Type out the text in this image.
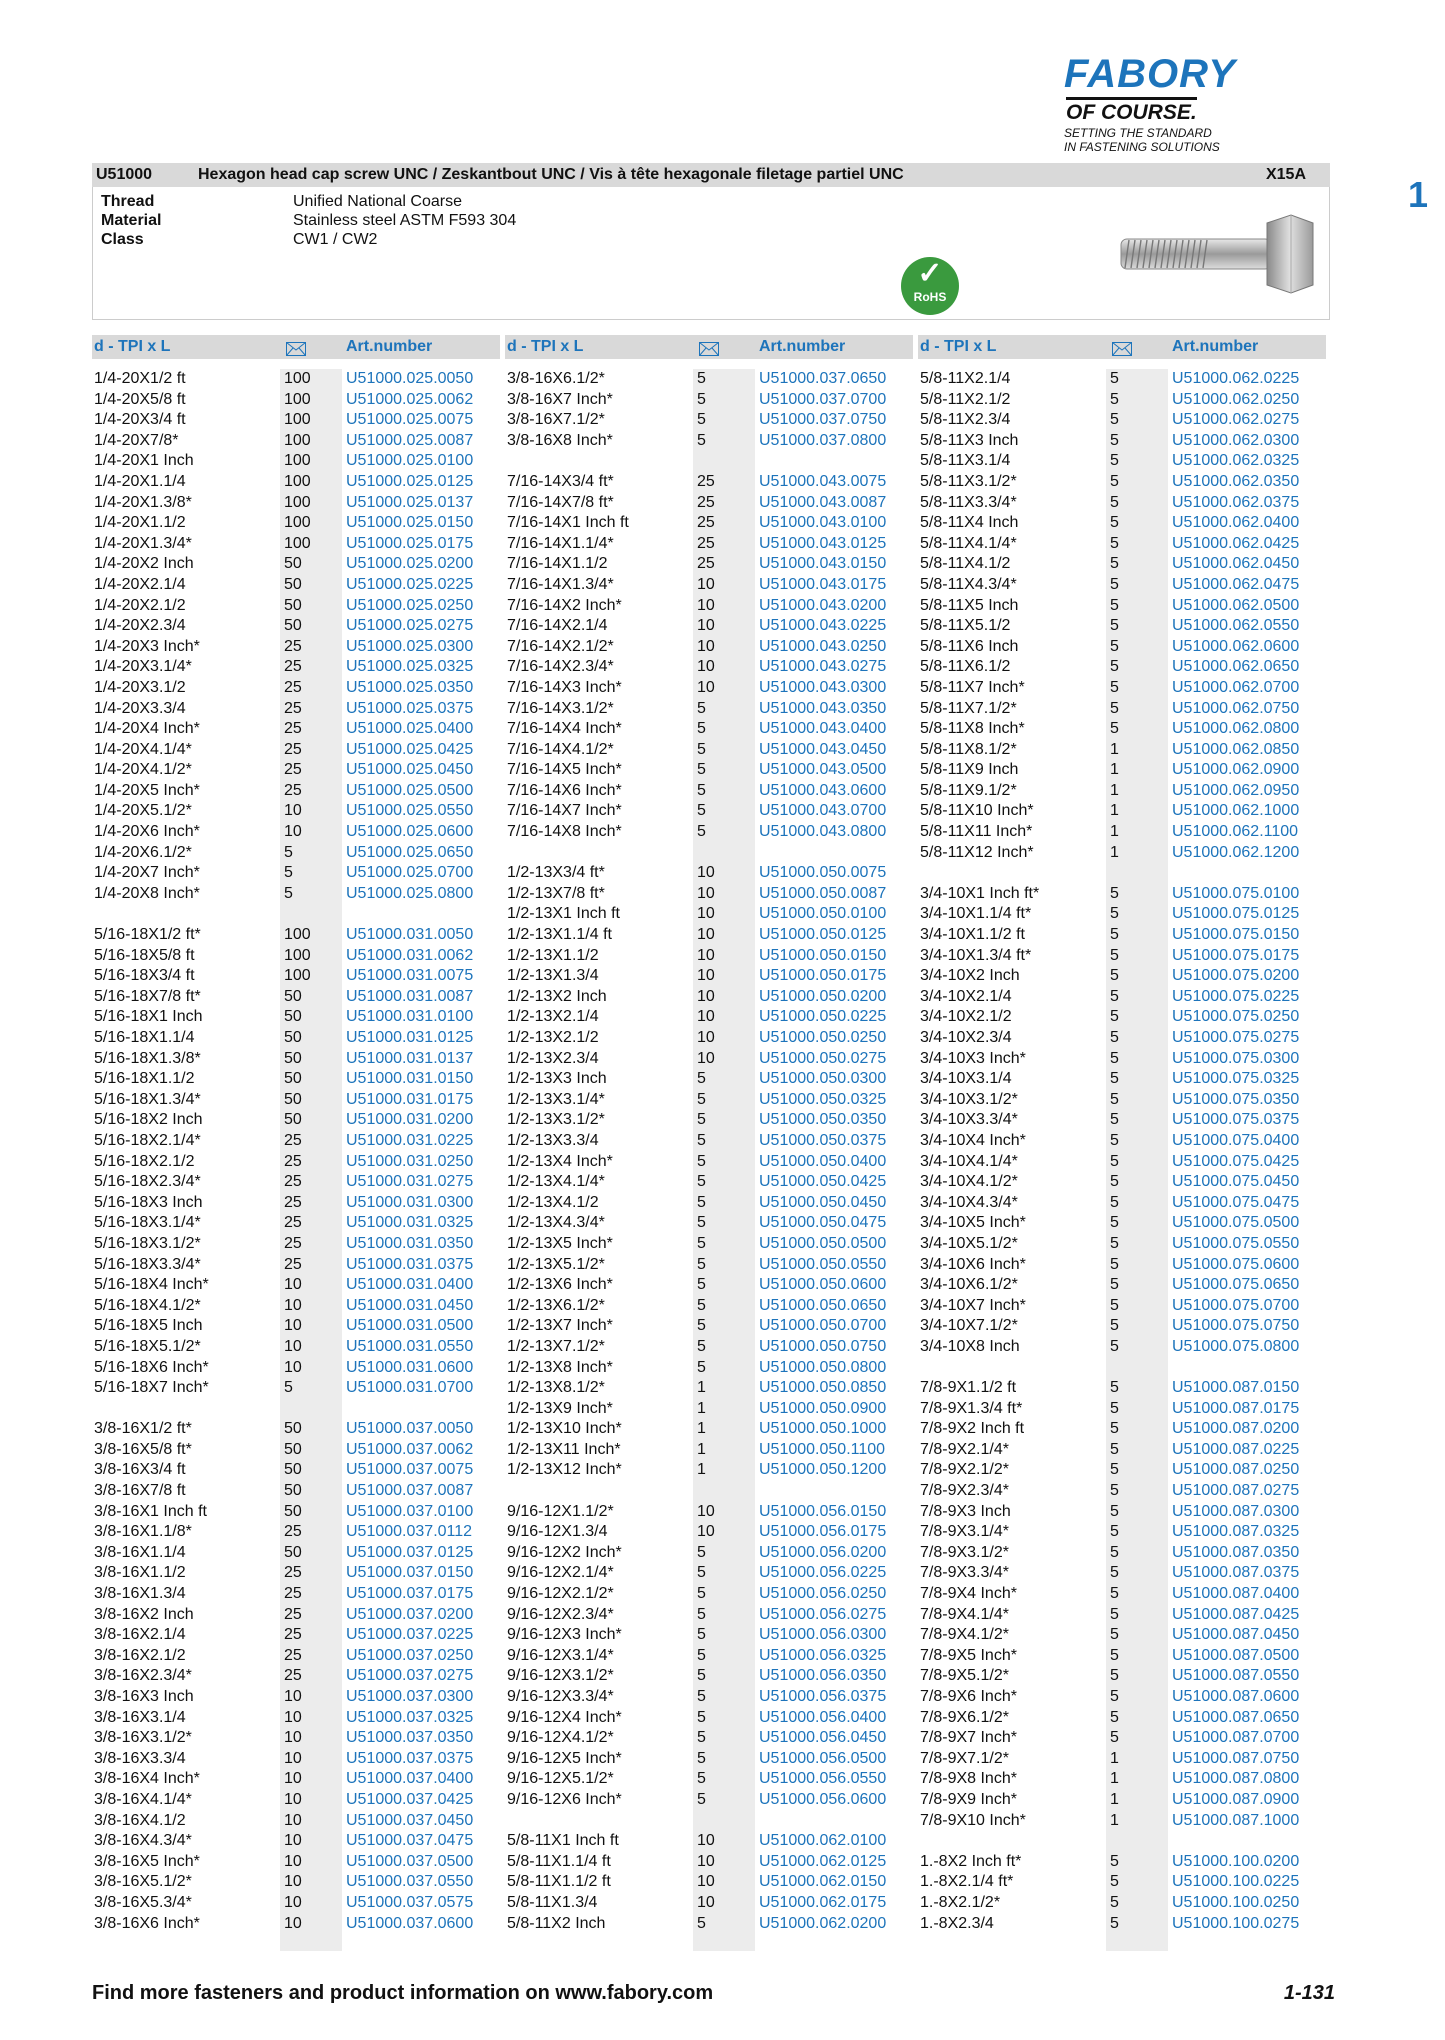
FABORYOF COURSE.
SETTING THE STANDARD
IN FASTENING SOLUTIONS
1
U51000	Hexagon head cap screw UNC / Zeskantbout UNC / Vis à tête hexagonale filetage partiel UNC	X15A
Thread	Unified National Coarse
Material	Stainless steel ASTM F593 304
Class	CW1 / CW2
✓
RoHS
d - TPI x L	Art.number
1/4-20X1/2 ft	100	U51000.025.0050
1/4-20X5/8 ft	100	U51000.025.0062
1/4-20X3/4 ft	100	U51000.025.0075
1/4-20X7/8*	100	U51000.025.0087
1/4-20X1 Inch	100	U51000.025.0100
1/4-20X1.1/4	100	U51000.025.0125
1/4-20X1.3/8*	100	U51000.025.0137
1/4-20X1.1/2	100	U51000.025.0150
1/4-20X1.3/4*	100	U51000.025.0175
1/4-20X2 Inch	50	U51000.025.0200
1/4-20X2.1/4	50	U51000.025.0225
1/4-20X2.1/2	50	U51000.025.0250
1/4-20X2.3/4	50	U51000.025.0275
1/4-20X3 Inch*	25	U51000.025.0300
1/4-20X3.1/4*	25	U51000.025.0325
1/4-20X3.1/2	25	U51000.025.0350
1/4-20X3.3/4	25	U51000.025.0375
1/4-20X4 Inch*	25	U51000.025.0400
1/4-20X4.1/4*	25	U51000.025.0425
1/4-20X4.1/2*	25	U51000.025.0450
1/4-20X5 Inch*	25	U51000.025.0500
1/4-20X5.1/2*	10	U51000.025.0550
1/4-20X6 Inch*	10	U51000.025.0600
1/4-20X6.1/2*	5	U51000.025.0650
1/4-20X7 Inch*	5	U51000.025.0700
1/4-20X8 Inch*	5	U51000.025.0800
5/16-18X1/2 ft*	100	U51000.031.0050
5/16-18X5/8 ft	100	U51000.031.0062
5/16-18X3/4 ft	100	U51000.031.0075
5/16-18X7/8 ft*	50	U51000.031.0087
5/16-18X1 Inch	50	U51000.031.0100
5/16-18X1.1/4	50	U51000.031.0125
5/16-18X1.3/8*	50	U51000.031.0137
5/16-18X1.1/2	50	U51000.031.0150
5/16-18X1.3/4*	50	U51000.031.0175
5/16-18X2 Inch	50	U51000.031.0200
5/16-18X2.1/4*	25	U51000.031.0225
5/16-18X2.1/2	25	U51000.031.0250
5/16-18X2.3/4*	25	U51000.031.0275
5/16-18X3 Inch	25	U51000.031.0300
5/16-18X3.1/4*	25	U51000.031.0325
5/16-18X3.1/2*	25	U51000.031.0350
5/16-18X3.3/4*	25	U51000.031.0375
5/16-18X4 Inch*	10	U51000.031.0400
5/16-18X4.1/2*	10	U51000.031.0450
5/16-18X5 Inch	10	U51000.031.0500
5/16-18X5.1/2*	10	U51000.031.0550
5/16-18X6 Inch*	10	U51000.031.0600
5/16-18X7 Inch*	5	U51000.031.0700
3/8-16X1/2 ft*	50	U51000.037.0050
3/8-16X5/8 ft*	50	U51000.037.0062
3/8-16X3/4 ft	50	U51000.037.0075
3/8-16X7/8 ft	50	U51000.037.0087
3/8-16X1 Inch ft	50	U51000.037.0100
3/8-16X1.1/8*	25	U51000.037.0112
3/8-16X1.1/4	50	U51000.037.0125
3/8-16X1.1/2	25	U51000.037.0150
3/8-16X1.3/4	25	U51000.037.0175
3/8-16X2 Inch	25	U51000.037.0200
3/8-16X2.1/4	25	U51000.037.0225
3/8-16X2.1/2	25	U51000.037.0250
3/8-16X2.3/4*	25	U51000.037.0275
3/8-16X3 Inch	10	U51000.037.0300
3/8-16X3.1/4	10	U51000.037.0325
3/8-16X3.1/2*	10	U51000.037.0350
3/8-16X3.3/4	10	U51000.037.0375
3/8-16X4 Inch*	10	U51000.037.0400
3/8-16X4.1/4*	10	U51000.037.0425
3/8-16X4.1/2	10	U51000.037.0450
3/8-16X4.3/4*	10	U51000.037.0475
3/8-16X5 Inch*	10	U51000.037.0500
3/8-16X5.1/2*	10	U51000.037.0550
3/8-16X5.3/4*	10	U51000.037.0575
3/8-16X6 Inch*	10	U51000.037.0600
d - TPI x L	Art.number
3/8-16X6.1/2*	5	U51000.037.0650
3/8-16X7 Inch*	5	U51000.037.0700
3/8-16X7.1/2*	5	U51000.037.0750
3/8-16X8 Inch*	5	U51000.037.0800
7/16-14X3/4 ft*	25	U51000.043.0075
7/16-14X7/8 ft*	25	U51000.043.0087
7/16-14X1 Inch ft	25	U51000.043.0100
7/16-14X1.1/4*	25	U51000.043.0125
7/16-14X1.1/2	25	U51000.043.0150
7/16-14X1.3/4*	10	U51000.043.0175
7/16-14X2 Inch*	10	U51000.043.0200
7/16-14X2.1/4	10	U51000.043.0225
7/16-14X2.1/2*	10	U51000.043.0250
7/16-14X2.3/4*	10	U51000.043.0275
7/16-14X3 Inch*	10	U51000.043.0300
7/16-14X3.1/2*	5	U51000.043.0350
7/16-14X4 Inch*	5	U51000.043.0400
7/16-14X4.1/2*	5	U51000.043.0450
7/16-14X5 Inch*	5	U51000.043.0500
7/16-14X6 Inch*	5	U51000.043.0600
7/16-14X7 Inch*	5	U51000.043.0700
7/16-14X8 Inch*	5	U51000.043.0800
1/2-13X3/4 ft*	10	U51000.050.0075
1/2-13X7/8 ft*	10	U51000.050.0087
1/2-13X1 Inch ft	10	U51000.050.0100
1/2-13X1.1/4 ft	10	U51000.050.0125
1/2-13X1.1/2	10	U51000.050.0150
1/2-13X1.3/4	10	U51000.050.0175
1/2-13X2 Inch	10	U51000.050.0200
1/2-13X2.1/4	10	U51000.050.0225
1/2-13X2.1/2	10	U51000.050.0250
1/2-13X2.3/4	10	U51000.050.0275
1/2-13X3 Inch	5	U51000.050.0300
1/2-13X3.1/4*	5	U51000.050.0325
1/2-13X3.1/2*	5	U51000.050.0350
1/2-13X3.3/4	5	U51000.050.0375
1/2-13X4 Inch*	5	U51000.050.0400
1/2-13X4.1/4*	5	U51000.050.0425
1/2-13X4.1/2	5	U51000.050.0450
1/2-13X4.3/4*	5	U51000.050.0475
1/2-13X5 Inch*	5	U51000.050.0500
1/2-13X5.1/2*	5	U51000.050.0550
1/2-13X6 Inch*	5	U51000.050.0600
1/2-13X6.1/2*	5	U51000.050.0650
1/2-13X7 Inch*	5	U51000.050.0700
1/2-13X7.1/2*	5	U51000.050.0750
1/2-13X8 Inch*	5	U51000.050.0800
1/2-13X8.1/2*	1	U51000.050.0850
1/2-13X9 Inch*	1	U51000.050.0900
1/2-13X10 Inch*	1	U51000.050.1000
1/2-13X11 Inch*	1	U51000.050.1100
1/2-13X12 Inch*	1	U51000.050.1200
9/16-12X1.1/2*	10	U51000.056.0150
9/16-12X1.3/4	10	U51000.056.0175
9/16-12X2 Inch*	5	U51000.056.0200
9/16-12X2.1/4*	5	U51000.056.0225
9/16-12X2.1/2*	5	U51000.056.0250
9/16-12X2.3/4*	5	U51000.056.0275
9/16-12X3 Inch*	5	U51000.056.0300
9/16-12X3.1/4*	5	U51000.056.0325
9/16-12X3.1/2*	5	U51000.056.0350
9/16-12X3.3/4*	5	U51000.056.0375
9/16-12X4 Inch*	5	U51000.056.0400
9/16-12X4.1/2*	5	U51000.056.0450
9/16-12X5 Inch*	5	U51000.056.0500
9/16-12X5.1/2*	5	U51000.056.0550
9/16-12X6 Inch*	5	U51000.056.0600
5/8-11X1 Inch ft	10	U51000.062.0100
5/8-11X1.1/4 ft	10	U51000.062.0125
5/8-11X1.1/2 ft	10	U51000.062.0150
5/8-11X1.3/4	10	U51000.062.0175
5/8-11X2 Inch	5	U51000.062.0200
d - TPI x L	Art.number
5/8-11X2.1/4	5	U51000.062.0225
5/8-11X2.1/2	5	U51000.062.0250
5/8-11X2.3/4	5	U51000.062.0275
5/8-11X3 Inch	5	U51000.062.0300
5/8-11X3.1/4	5	U51000.062.0325
5/8-11X3.1/2*	5	U51000.062.0350
5/8-11X3.3/4*	5	U51000.062.0375
5/8-11X4 Inch	5	U51000.062.0400
5/8-11X4.1/4*	5	U51000.062.0425
5/8-11X4.1/2	5	U51000.062.0450
5/8-11X4.3/4*	5	U51000.062.0475
5/8-11X5 Inch	5	U51000.062.0500
5/8-11X5.1/2	5	U51000.062.0550
5/8-11X6 Inch	5	U51000.062.0600
5/8-11X6.1/2	5	U51000.062.0650
5/8-11X7 Inch*	5	U51000.062.0700
5/8-11X7.1/2*	5	U51000.062.0750
5/8-11X8 Inch*	5	U51000.062.0800
5/8-11X8.1/2*	1	U51000.062.0850
5/8-11X9 Inch	1	U51000.062.0900
5/8-11X9.1/2*	1	U51000.062.0950
5/8-11X10 Inch*	1	U51000.062.1000
5/8-11X11 Inch*	1	U51000.062.1100
5/8-11X12 Inch*	1	U51000.062.1200
3/4-10X1 Inch ft*	5	U51000.075.0100
3/4-10X1.1/4 ft*	5	U51000.075.0125
3/4-10X1.1/2 ft	5	U51000.075.0150
3/4-10X1.3/4 ft*	5	U51000.075.0175
3/4-10X2 Inch	5	U51000.075.0200
3/4-10X2.1/4	5	U51000.075.0225
3/4-10X2.1/2	5	U51000.075.0250
3/4-10X2.3/4	5	U51000.075.0275
3/4-10X3 Inch*	5	U51000.075.0300
3/4-10X3.1/4	5	U51000.075.0325
3/4-10X3.1/2*	5	U51000.075.0350
3/4-10X3.3/4*	5	U51000.075.0375
3/4-10X4 Inch*	5	U51000.075.0400
3/4-10X4.1/4*	5	U51000.075.0425
3/4-10X4.1/2*	5	U51000.075.0450
3/4-10X4.3/4*	5	U51000.075.0475
3/4-10X5 Inch*	5	U51000.075.0500
3/4-10X5.1/2*	5	U51000.075.0550
3/4-10X6 Inch*	5	U51000.075.0600
3/4-10X6.1/2*	5	U51000.075.0650
3/4-10X7 Inch*	5	U51000.075.0700
3/4-10X7.1/2*	5	U51000.075.0750
3/4-10X8 Inch	5	U51000.075.0800
7/8-9X1.1/2 ft	5	U51000.087.0150
7/8-9X1.3/4 ft*	5	U51000.087.0175
7/8-9X2 Inch ft	5	U51000.087.0200
7/8-9X2.1/4*	5	U51000.087.0225
7/8-9X2.1/2*	5	U51000.087.0250
7/8-9X2.3/4*	5	U51000.087.0275
7/8-9X3 Inch	5	U51000.087.0300
7/8-9X3.1/4*	5	U51000.087.0325
7/8-9X3.1/2*	5	U51000.087.0350
7/8-9X3.3/4*	5	U51000.087.0375
7/8-9X4 Inch*	5	U51000.087.0400
7/8-9X4.1/4*	5	U51000.087.0425
7/8-9X4.1/2*	5	U51000.087.0450
7/8-9X5 Inch*	5	U51000.087.0500
7/8-9X5.1/2*	5	U51000.087.0550
7/8-9X6 Inch*	5	U51000.087.0600
7/8-9X6.1/2*	5	U51000.087.0650
7/8-9X7 Inch*	5	U51000.087.0700
7/8-9X7.1/2*	1	U51000.087.0750
7/8-9X8 Inch*	1	U51000.087.0800
7/8-9X9 Inch*	1	U51000.087.0900
7/8-9X10 Inch*	1	U51000.087.1000
1.-8X2 Inch ft*	5	U51000.100.0200
1.-8X2.1/4 ft*	5	U51000.100.0225
1.-8X2.1/2*	5	U51000.100.0250
1.-8X2.3/4	5	U51000.100.0275
Find more fasteners and product information on www.fabory.com	1-131
